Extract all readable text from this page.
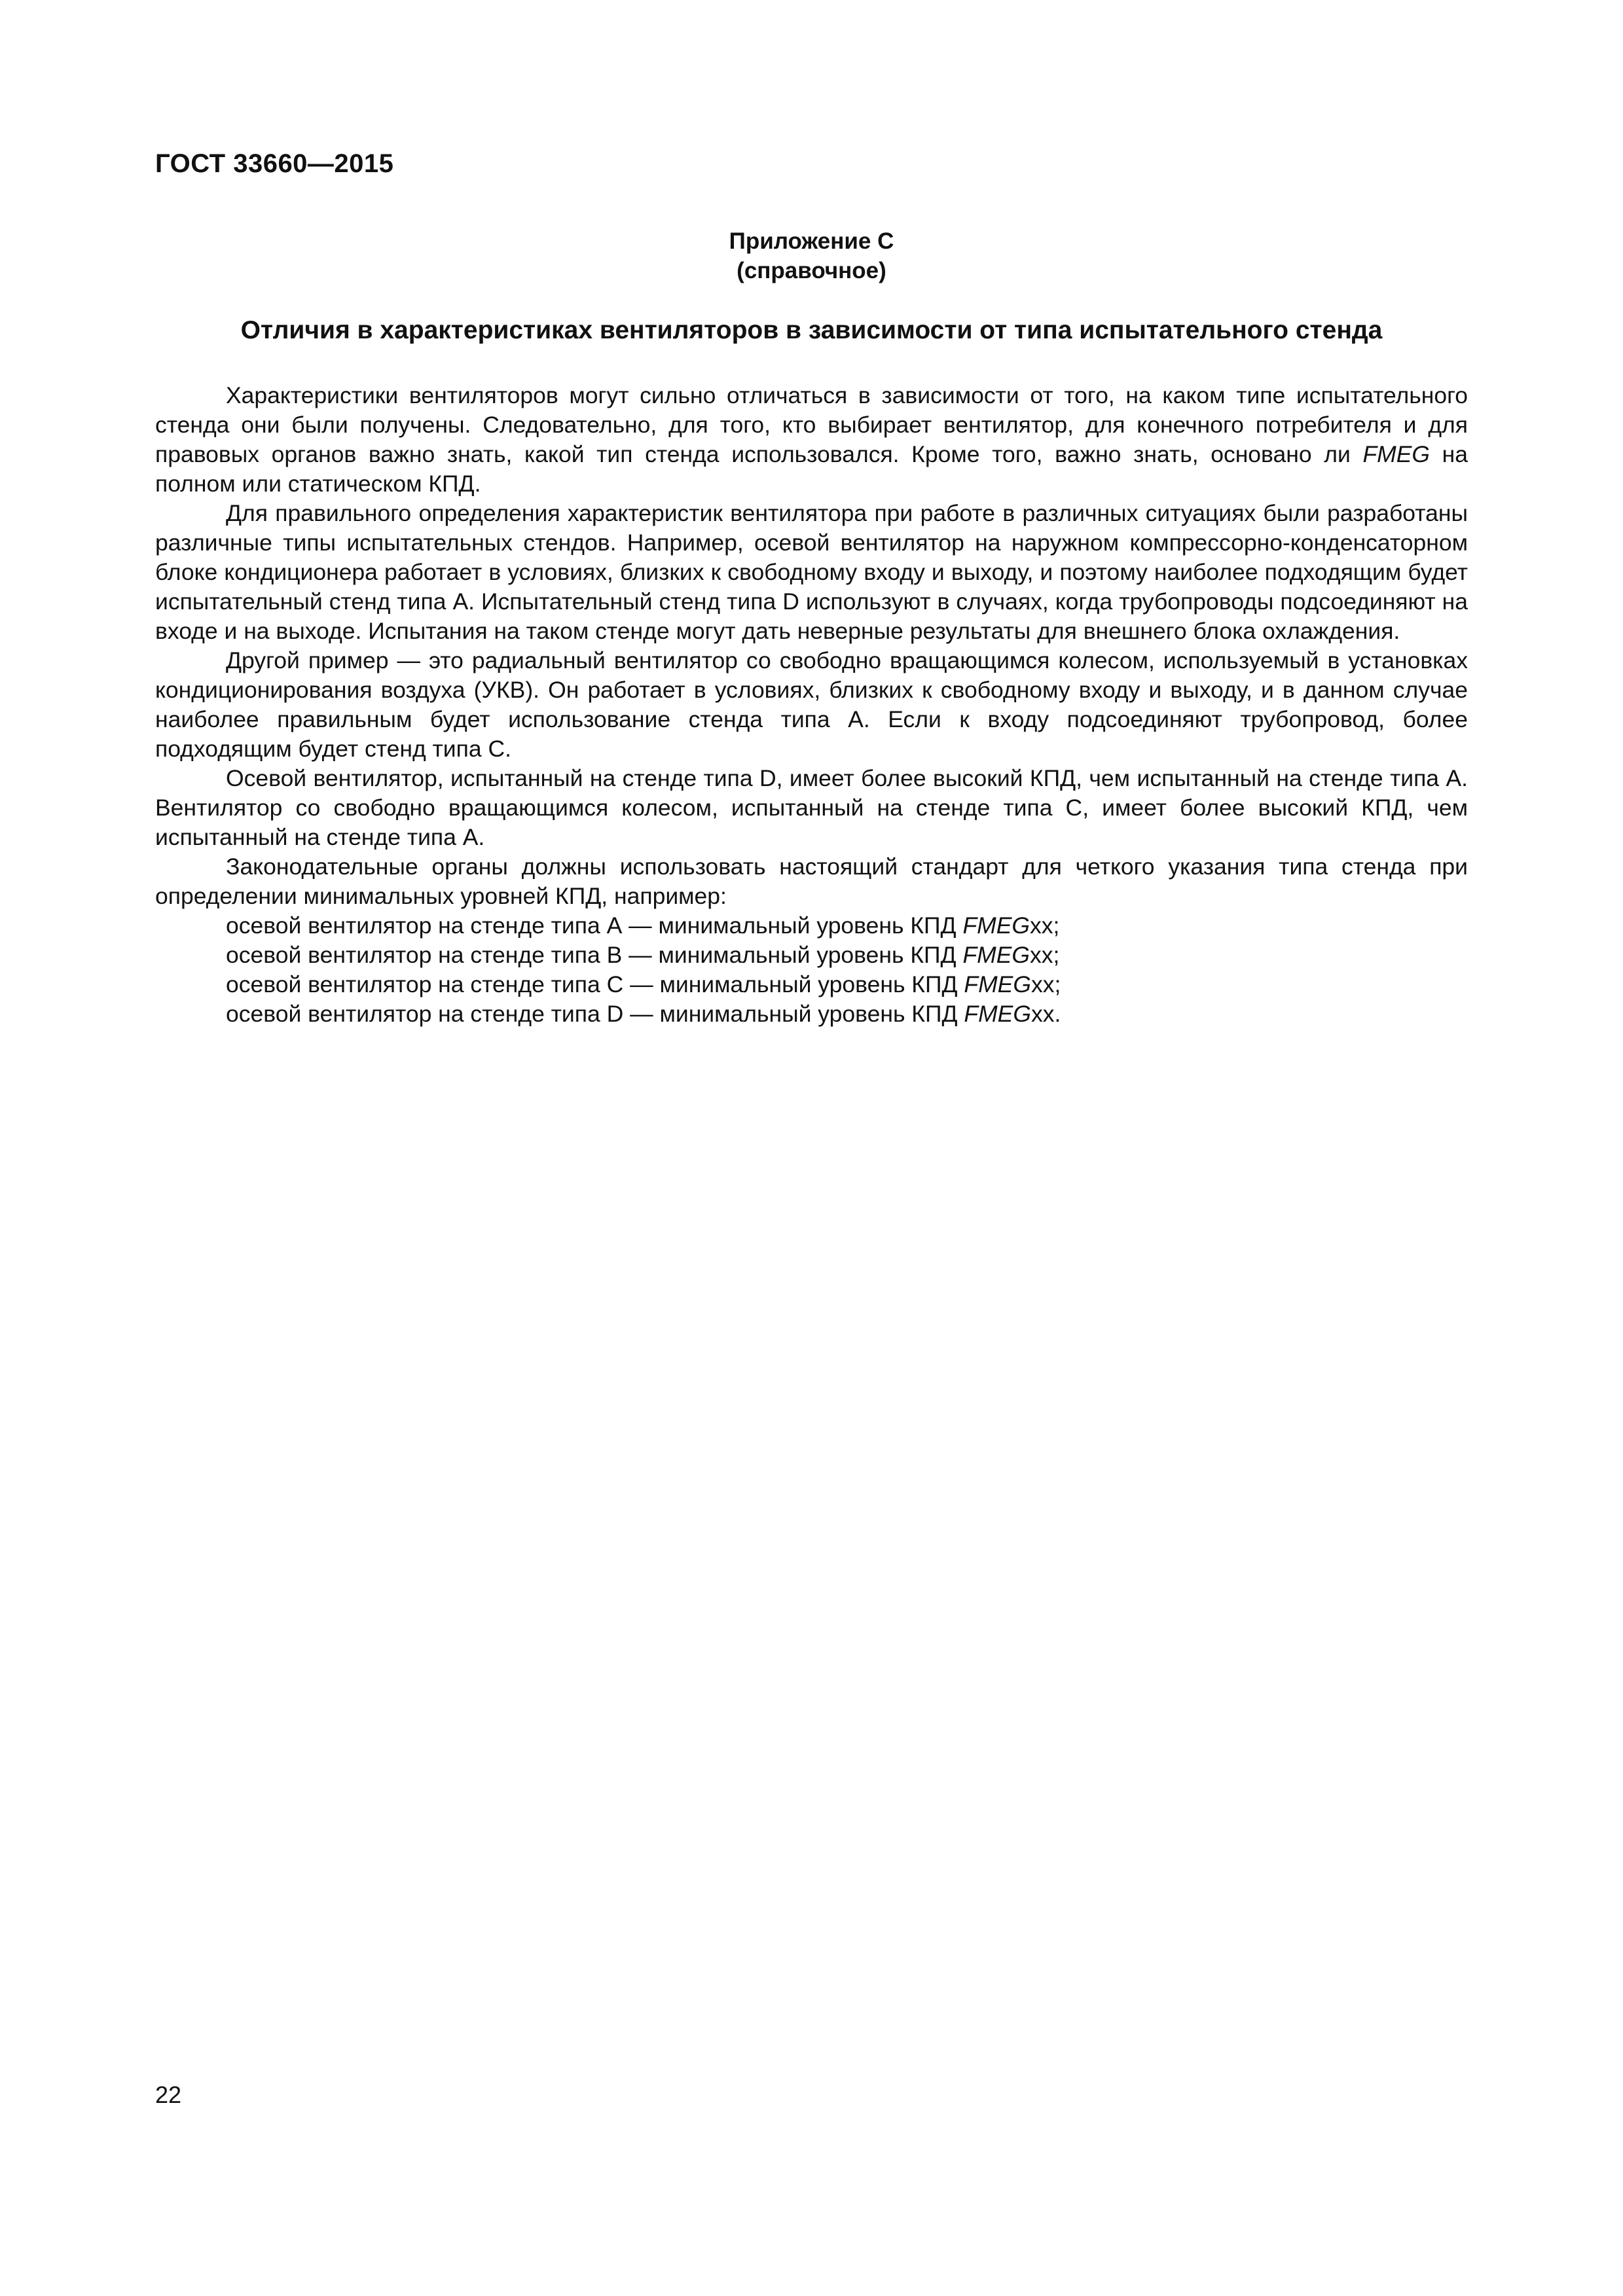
ГОСТ 33660—2015
Приложение С
(справочное)
Отличия в характеристиках вентиляторов в зависимости от типа испытательного стенда

Характеристики вентиляторов могут сильно отличаться в зависимости от того, на каком типе испытательного стенда они были получены. Следовательно, для того, кто выбирает вентилятор, для конечного потребителя и для правовых органов важно знать, какой тип стенда использовался. Кроме того, важно знать, основано ли FMEG на полном или статическом КПД.

Для правильного определения характеристик вентилятора при работе в различных ситуациях были разработаны различные типы испытательных стендов. Например, осевой вентилятор на наружном компрессорно-конденсаторном блоке кондиционера работает в условиях, близких к свободному входу и выходу, и поэтому наиболее подходящим будет испытательный стенд типа А. Испытательный стенд типа D используют в случаях, когда трубопроводы подсоединяют на входе и на выходе. Испытания на таком стенде могут дать неверные результаты для внешнего блока охлаждения.

Другой пример — это радиальный вентилятор со свободно вращающимся колесом, используемый в установках кондиционирования воздуха (УКВ). Он работает в условиях, близких к свободному входу и выходу, и в данном случае наиболее правильным будет использование стенда типа А. Если к входу подсоединяют трубопровод, более подходящим будет стенд типа С.

Осевой вентилятор, испытанный на стенде типа D, имеет более высокий КПД, чем испытанный на стенде типа А. Вентилятор со свободно вращающимся колесом, испытанный на стенде типа С, имеет более высокий КПД, чем испытанный на стенде типа А.

Законодательные органы должны использовать настоящий стандарт для четкого указания типа стенда при определении минимальных уровней КПД, например:

осевой вентилятор на стенде типа А — минимальный уровень КПД FMEGxx;
осевой вентилятор на стенде типа В — минимальный уровень КПД FMEGxx;
осевой вентилятор на стенде типа С — минимальный уровень КПД FMEGxx;
осевой вентилятор на стенде типа D — минимальный уровень КПД FMEGxx.
22
